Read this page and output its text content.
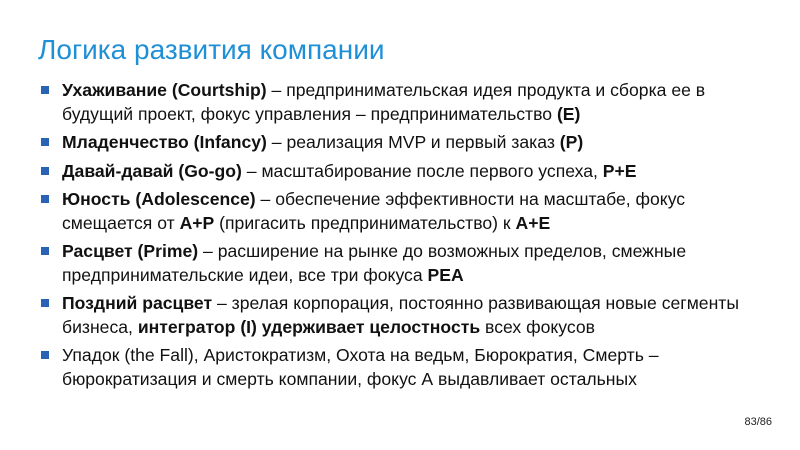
Логика развития компании
Ухаживание (Courtship) – предпринимательская идея продукта и сборка ее в будущий проект, фокус управления – предпринимательство (E)
Младенчество (Infancy) – реализация MVP и первый заказ (P)
Давай-давай (Go-go) – масштабирование после первого успеха, P+E
Юность (Adolescence) – обеспечение эффективности на масштабе, фокус смещается от A+P (пригасить предпринимательство) к A+E
Расцвет (Prime) – расширение на рынке до возможных пределов, смежные предпринимательские идеи, все три фокуса PEA
Поздний расцвет – зрелая корпорация, постоянно развивающая новые сегменты бизнеса, интегратор (I) удерживает целостность всех фокусов
Упадок (the Fall), Аристократизм, Охота на ведьм, Бюрократия, Смерть – бюрократизация и смерть компании, фокус А выдавливает остальных
83/86
